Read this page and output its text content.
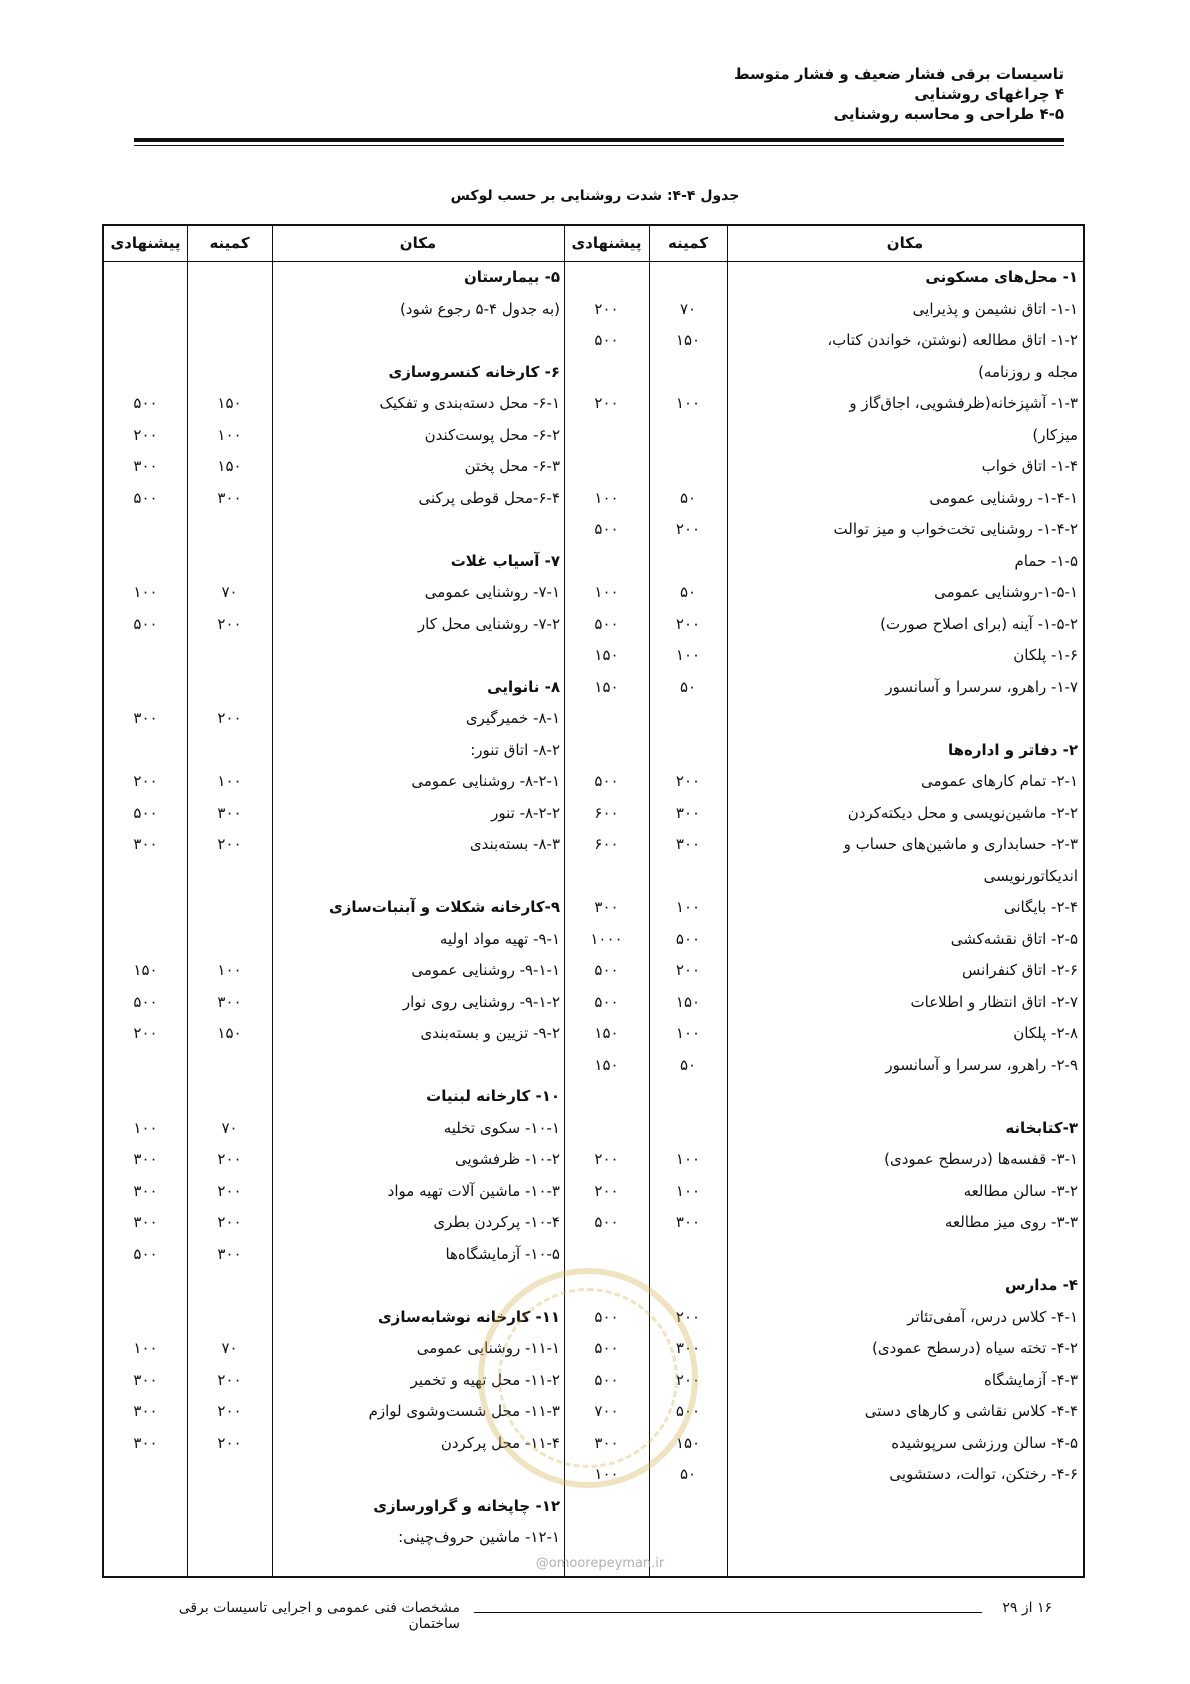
تاسیسات برقی فشار ضعیف و فشار متوسط
۴ چراغهای روشنایی
۴-۵ طراحی و محاسبه روشنایی
جدول ۴-۴: شدت روشنایی بر حسب لوکس
مکان
کمینه
پیشنهادی
مکان
کمینه
پیشنهادی
۱- محل‌های مسکونی
۱-۱- اتاق نشیمن و پذیرایی
۷۰
۲۰۰
۱-۲- اتاق مطالعه (نوشتن، خواندن کتاب،
۱۵۰
۵۰۰
مجله و روزنامه)
۱-۳- آشپزخانه(ظرفشویی، اجاق‌گاز و
۱۰۰
۲۰۰
میزکار)
۱-۴- اتاق خواب
۱-۴-۱- روشنایی عمومی
۵۰
۱۰۰
۱-۴-۲- روشنایی تخت‌خواب و میز توالت
۲۰۰
۵۰۰
۱-۵- حمام
۱-۵-۱-روشنایی عمومی
۵۰
۱۰۰
۱-۵-۲- آینه (برای اصلاح صورت)
۲۰۰
۵۰۰
۱-۶- پلکان
۱۰۰
۱۵۰
۱-۷- راهرو، سرسرا و آسانسور
۵۰
۱۵۰
۲- دفاتر و اداره‌ها
۲-۱- تمام کارهای عمومی
۲۰۰
۵۰۰
۲-۲- ماشین‌نویسی و محل دیکته‌کردن
۳۰۰
۶۰۰
۲-۳- حسابداری و ماشین‌های حساب و
۳۰۰
۶۰۰
اندیکاتورنویسی
۲-۴- بایگانی
۱۰۰
۳۰۰
۲-۵- اتاق نقشه‌کشی
۵۰۰
۱۰۰۰
۲-۶- اتاق کنفرانس
۲۰۰
۵۰۰
۲-۷- اتاق انتظار و اطلاعات
۱۵۰
۵۰۰
۲-۸- پلکان
۱۰۰
۱۵۰
۲-۹- راهرو، سرسرا و آسانسور
۵۰
۱۵۰
۳-کتابخانه
۳-۱- قفسه‌ها (درسطح عمودی)
۱۰۰
۲۰۰
۳-۲- سالن مطالعه
۱۰۰
۲۰۰
۳-۳- روی میز مطالعه
۳۰۰
۵۰۰
۴- مدارس
۴-۱- کلاس درس، آمفی‌تئاتر
۲۰۰
۵۰۰
۴-۲- تخته سیاه (درسطح عمودی)
۳۰۰
۵۰۰
۴-۳- آزمایشگاه
۲۰۰
۵۰۰
۴-۴- کلاس نقاشی و کارهای دستی
۵۰۰
۷۰۰
۴-۵- سالن ورزشی سرپوشیده
۱۵۰
۳۰۰
۴-۶- رختکن، توالت، دستشویی
۵۰
۱۰۰
۵- بیمارستان
(به جدول ۴-۵ رجوع شود)
۶- کارخانه کنسروسازی
۶-۱- محل دسته‌بندی و تفکیک
۱۵۰
۵۰۰
۶-۲- محل پوست‌کندن
۱۰۰
۲۰۰
۶-۳- محل پختن
۱۵۰
۳۰۰
۶-۴-محل قوطی پرکنی
۳۰۰
۵۰۰
۷- آسیاب غلات
۷-۱- روشنایی عمومی
۷۰
۱۰۰
۷-۲- روشنایی محل کار
۲۰۰
۵۰۰
۸- نانوایی
۸-۱- خمیرگیری
۲۰۰
۳۰۰
۸-۲- اتاق تنور:
۸-۲-۱- روشنایی عمومی
۱۰۰
۲۰۰
۸-۲-۲- تنور
۳۰۰
۵۰۰
۸-۳- بسته‌بندی
۲۰۰
۳۰۰
۹-کارخانه شکلات و آبنبات‌سازی
۹-۱- تهیه مواد اولیه
۹-۱-۱- روشنایی عمومی
۱۰۰
۱۵۰
۹-۱-۲- روشنایی روی نوار
۳۰۰
۵۰۰
۹-۲- تزیین و بسته‌بندی
۱۵۰
۲۰۰
۱۰- کارخانه لبنیات
۱۰-۱- سکوی تخلیه
۷۰
۱۰۰
۱۰-۲- ظرفشویی
۲۰۰
۳۰۰
۱۰-۳- ماشین آلات تهیه مواد
۲۰۰
۳۰۰
۱۰-۴- پرکردن بطری
۲۰۰
۳۰۰
۱۰-۵- آزمایشگاه‌ها
۳۰۰
۵۰۰
۱۱- کارخانه نوشابه‌سازی
۱۱-۱- روشنایی عمومی
۷۰
۱۰۰
۱۱-۲- محل تهیه و تخمیر
۲۰۰
۳۰۰
۱۱-۳- محل شست‌وشوی لوازم
۲۰۰
۳۰۰
۱۱-۴- محل پرکردن
۲۰۰
۳۰۰
۱۲- چاپخانه و گراورسازی
۱۲-۱- ماشین حروف‌چینی:
@omoorepeyman.ir
مشخصات فنی عمومی و اجرایی تاسیسات برقی ساختمان
۱۶ از ۲۹
